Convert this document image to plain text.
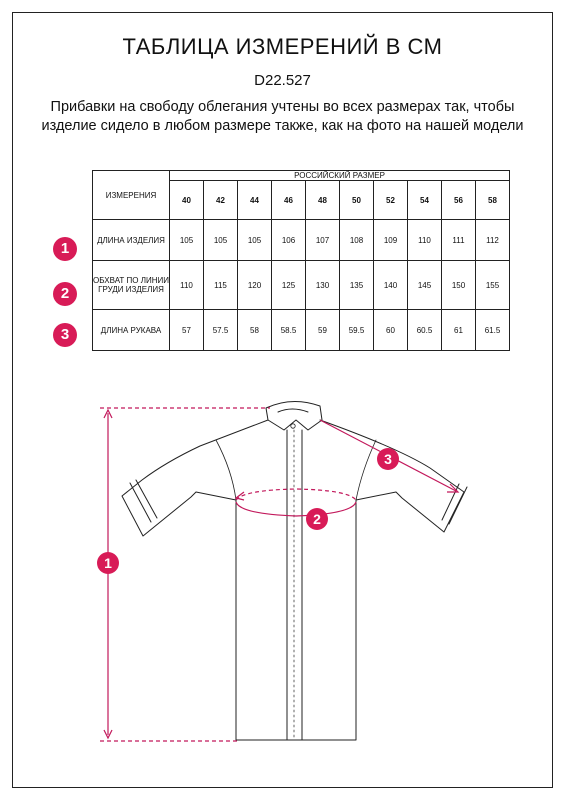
ТАБЛИЦА ИЗМЕРЕНИЙ В СМ
D22.527
Прибавки на свободу облегания учтены во всех размерах так, чтобы изделие сидело в любом размере также, как на фото на нашей модели
1
2
3
ИЗМЕРЕНИЯ	РОССИЙСКИЙ РАЗМЕР									
	40	42	44	46	48	50	52	54	56	58
ДЛИНА ИЗДЕЛИЯ	105	105	105	106	107	108	109	110	111	112
ОБХВАТ ПО ЛИНИИ ГРУДИ ИЗДЕЛИЯ	110	115	120	125	130	135	140	145	150	155
ДЛИНА РУКАВА	57	57.5	58	58.5	59	59.5	60	60.5	61	61.5
1
2
3
